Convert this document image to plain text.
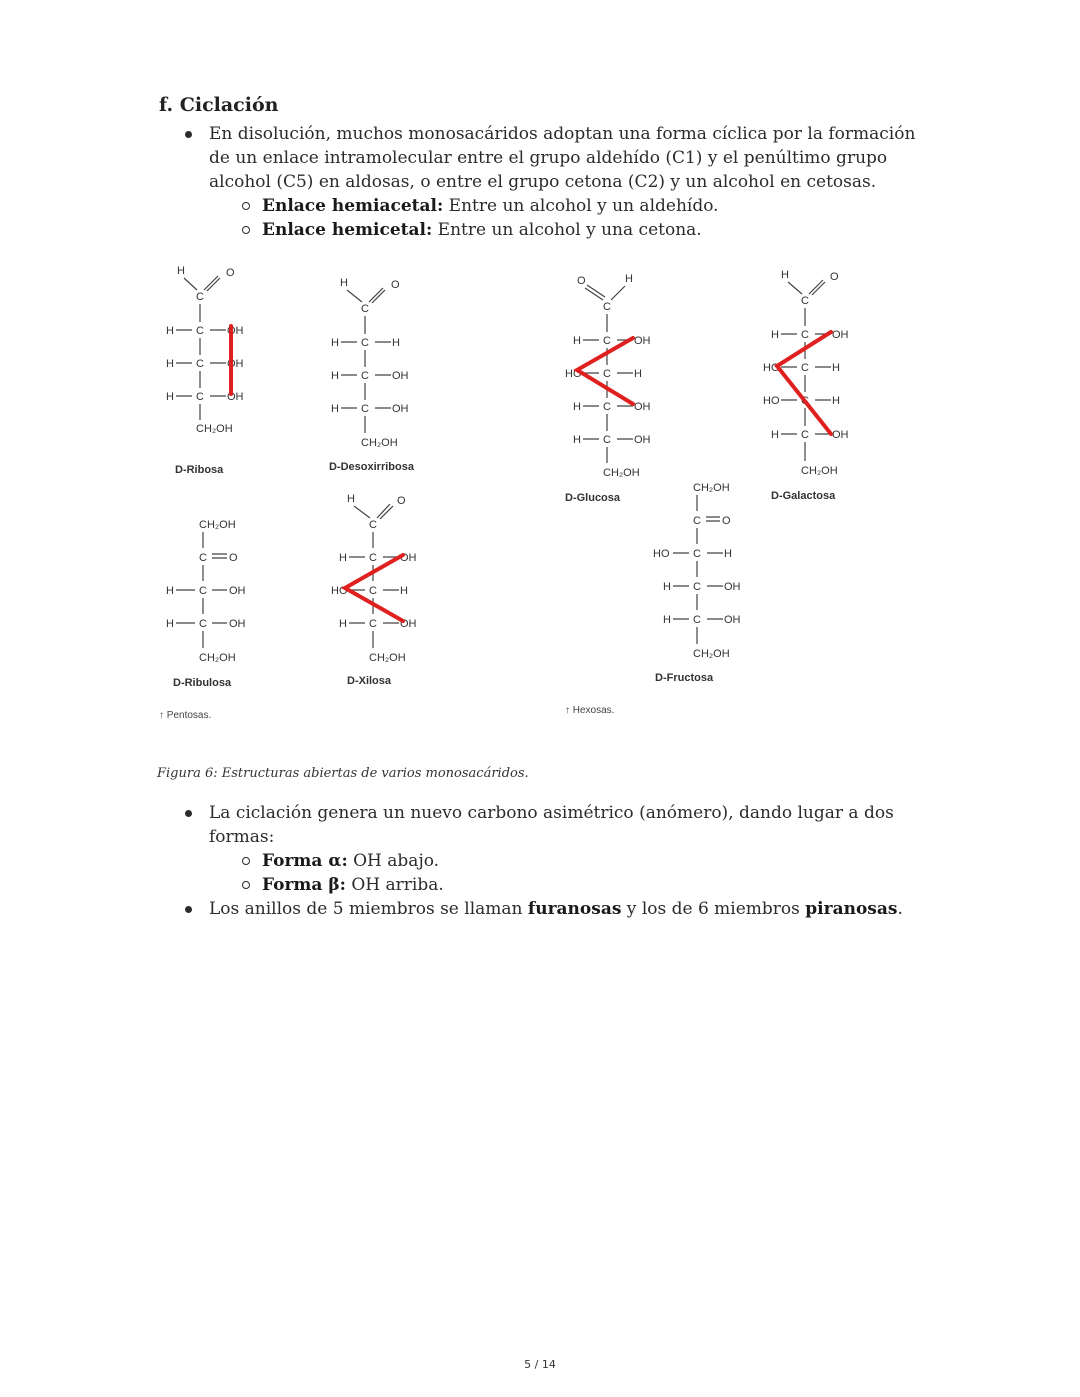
f. Ciclación
En disolución, muchos monosacáridos adoptan una forma cíclica por la formación de un enlace intramolecular entre el grupo aldehído (C1) y el penúltimo grupo alcohol (C5) en aldosas, o entre el grupo cetona (C2) y un alcohol en cetosas.
Enlace hemiacetal: Entre un alcohol y un aldehído.
Enlace hemicetal: Entre un alcohol y una cetona.
H	O
C
H C OH
H C OH
H C OH
CH₂OH
H	O
C
H C H
H C OH
H C OH
CH₂OH
O	H
C
H C OH
HO C H
H C OH
H C OH
CH₂OH
H	O
C
H C OH
HO C H
HO C H
H C OH
CH₂OH
CH₂OH
C O
H C OH
H C OH
CH₂OH
H	O
C
H C OH
HO C H
H C OH
CH₂OH
CH₂OH
C O
HO C H
H C OH
H C OH
CH₂OH
D-Ribosa	D-Desoxirribosa
D-Glucosa	D-Galactosa
D-Ribulosa	D-Xilosa	D-Fructosa
↑ Pentosas.	↑ Hexosas.
Figura 6: Estructuras abiertas de varios monosacáridos.
La ciclación genera un nuevo carbono asimétrico (anómero), dando lugar a dos formas:
Forma α: OH abajo.
Forma β: OH arriba.
Los anillos de 5 miembros se llaman furanosas y los de 6 miembros piranosas.
5 / 14
